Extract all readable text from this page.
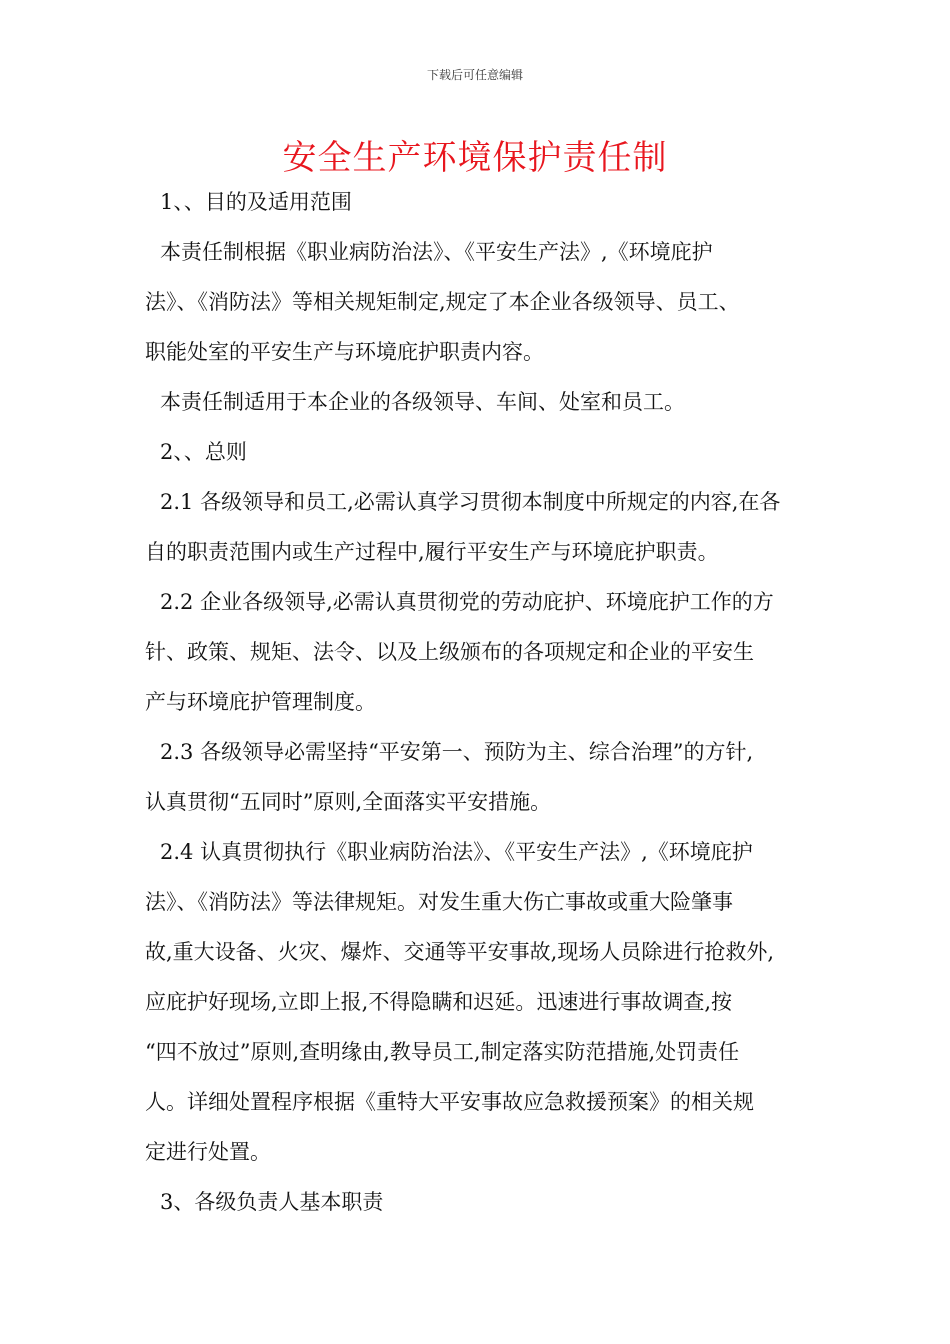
下载后可任意编辑
安全生产环境保护责任制

1、、目的及适用范围

本责任制根据《职业病防治法》、《平安生产法》,《环境庇护

法》、《消防法》等相关规矩制定,规定了本企业各级领导、员工、

职能处室的平安生产与环境庇护职责内容。

本责任制适用于本企业的各级领导、车间、处室和员工。

2、、总则

2.1 各级领导和员工,必需认真学习贯彻本制度中所规定的内容,在各

自的职责范围内或生产过程中,履行平安生产与环境庇护职责。

2.2 企业各级领导,必需认真贯彻党的劳动庇护、环境庇护工作的方

针、政策、规矩、法令、以及上级颁布的各项规定和企业的平安生

产与环境庇护管理制度。

2.3 各级领导必需坚持“平安第一、预防为主、综合治理”的方针,

认真贯彻“五同时”原则,全面落实平安措施。

2.4 认真贯彻执行《职业病防治法》、《平安生产法》,《环境庇护

法》、《消防法》等法律规矩。对发生重大伤亡事故或重大险肇事

故,重大设备、火灾、爆炸、交通等平安事故,现场人员除进行抢救外,

应庇护好现场,立即上报,不得隐瞒和迟延。迅速进行事故调查,按

“四不放过”原则,查明缘由,教导员工,制定落实防范措施,处罚责任

人。详细处置程序根据《重特大平安事故应急救援预案》的相关规

定进行处置。

3、各级负责人基本职责
